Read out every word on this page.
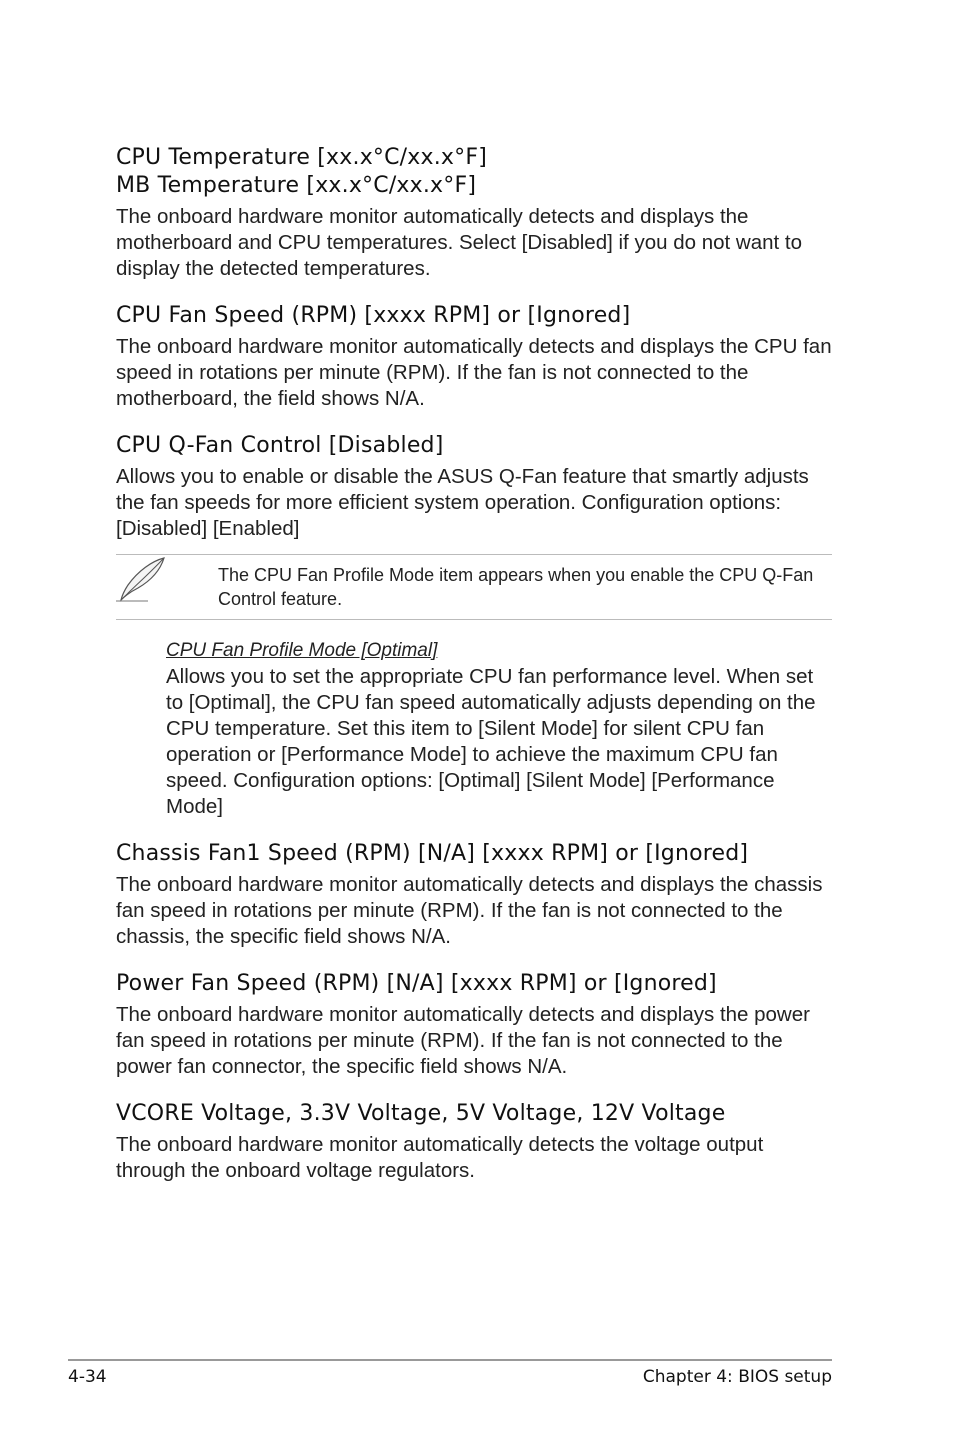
CPU Temperature [xx.x°C/xx.x°F]
MB Temperature [xx.x°C/xx.x°F]

The onboard hardware monitor automatically detects and displays the motherboard and CPU temperatures. Select [Disabled] if you do not want to display the detected temperatures.

CPU Fan Speed (RPM) [xxxx RPM] or [Ignored]

The onboard hardware monitor automatically detects and displays the CPU fan speed in rotations per minute (RPM). If the fan is not connected to the motherboard, the field shows N/A.

CPU Q-Fan Control [Disabled]

Allows you to enable or disable the ASUS Q-Fan feature that smartly adjusts the fan speeds for more efficient system operation. Configuration options: [Disabled] [Enabled]

The CPU Fan Profile Mode item appears when you enable the CPU Q-Fan Control feature.
CPU Fan Profile Mode [Optimal]

Allows you to set the appropriate CPU fan performance level. When set to [Optimal], the CPU fan speed automatically adjusts depending on the CPU temperature. Set this item to [Silent Mode] for silent CPU fan operation or [Performance Mode] to achieve the maximum CPU fan speed. Configuration options: [Optimal] [Silent Mode] [Performance Mode]

Chassis Fan1 Speed (RPM) [N/A] [xxxx RPM] or [Ignored]

The onboard hardware monitor automatically detects and displays the chassis fan speed in rotations per minute (RPM). If the fan is not connected to the chassis, the specific field shows N/A.

Power Fan Speed (RPM) [N/A] [xxxx RPM] or [Ignored]

The onboard hardware monitor automatically detects and displays the power fan speed in rotations per minute (RPM). If the fan is not connected to the power fan connector, the specific field shows N/A.

VCORE Voltage, 3.3V Voltage, 5V Voltage, 12V Voltage

The onboard hardware monitor automatically detects the voltage output through the onboard voltage regulators.

4-34	Chapter 4: BIOS setup
